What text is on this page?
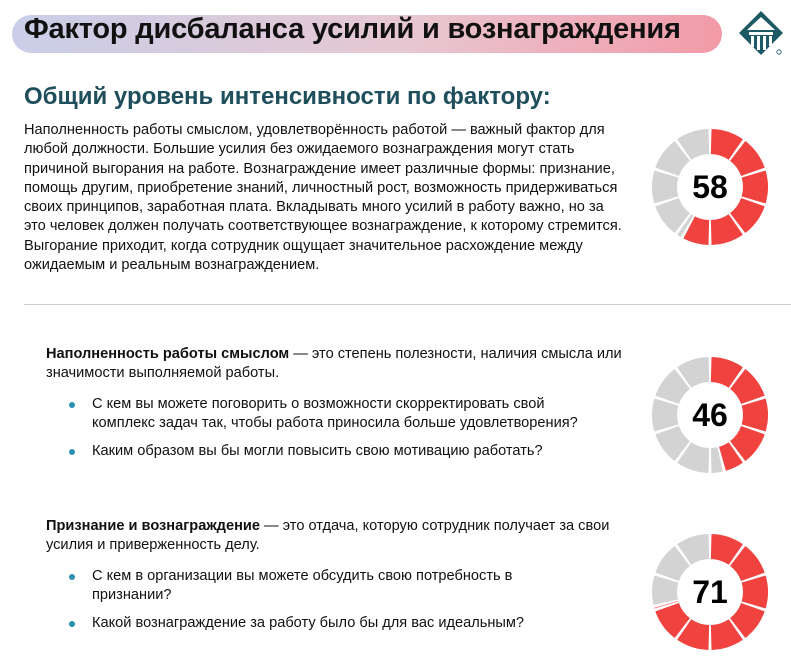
Фактор дисбаланса усилий и вознаграждения
Общий уровень интенсивности по фактору:

Наполненность работы смыслом, удовлетворённость работой — важный фактор для любой должности. Большие усилия без ожидаемого вознаграждения могут стать причиной выгорания на работе. Вознаграждение имеет различные формы: признание, помощь другим, приобретение знаний, личностный рост, возможность придерживаться своих принципов, заработная плата. Вкладывать много усилий в работу важно, но за это человек должен получать соответствующее вознаграждение, к которому стремится. Выгорание приходит, когда сотрудник ощущает значительное расхождение между ожидаемым и реальным вознаграждением.

58

Наполненность работы смыслом — это степень полезности, наличия смысла или значимости выполняемой работы.

С кем вы можете поговорить о возможности скорректировать свой комплекс задач так, чтобы работа приносила больше удовлетворения?
Каким образом вы бы могли повысить свою мотивацию работать?
46

Признание и вознаграждение — это отдача, которую сотрудник получает за свои усилия и приверженность делу.

С кем в организации вы можете обсудить свою потребность в признании?
Какой вознаграждение за работу было бы для вас идеальным?
71
